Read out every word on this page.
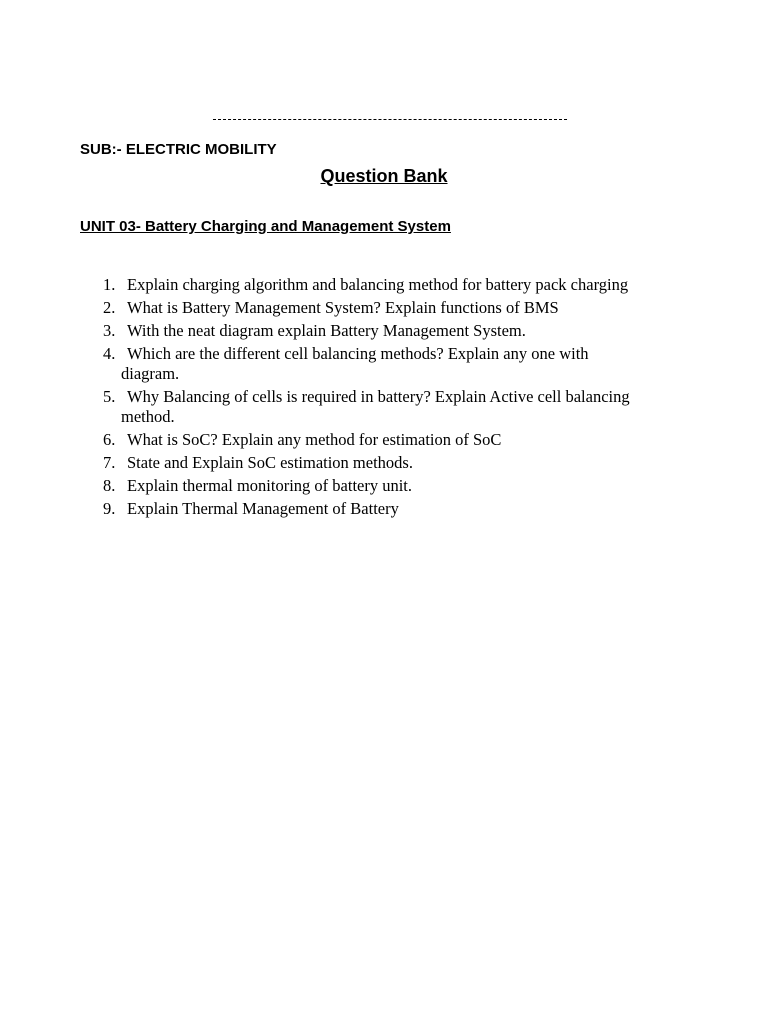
SUB:- ELECTRIC MOBILITY
Question Bank
UNIT 03- Battery Charging and Management System
1. Explain charging algorithm and balancing method for battery pack charging
2. What is Battery Management System? Explain functions of BMS
3. With the neat diagram explain Battery Management System.
4. Which are the different cell balancing methods? Explain any one with
diagram.
5. Why Balancing of cells is required in battery? Explain Active cell balancing
method.
6. What is SoC? Explain any method for estimation of SoC
7. State and Explain SoC estimation methods.
8. Explain thermal monitoring of battery unit.
9. Explain Thermal Management of Battery
